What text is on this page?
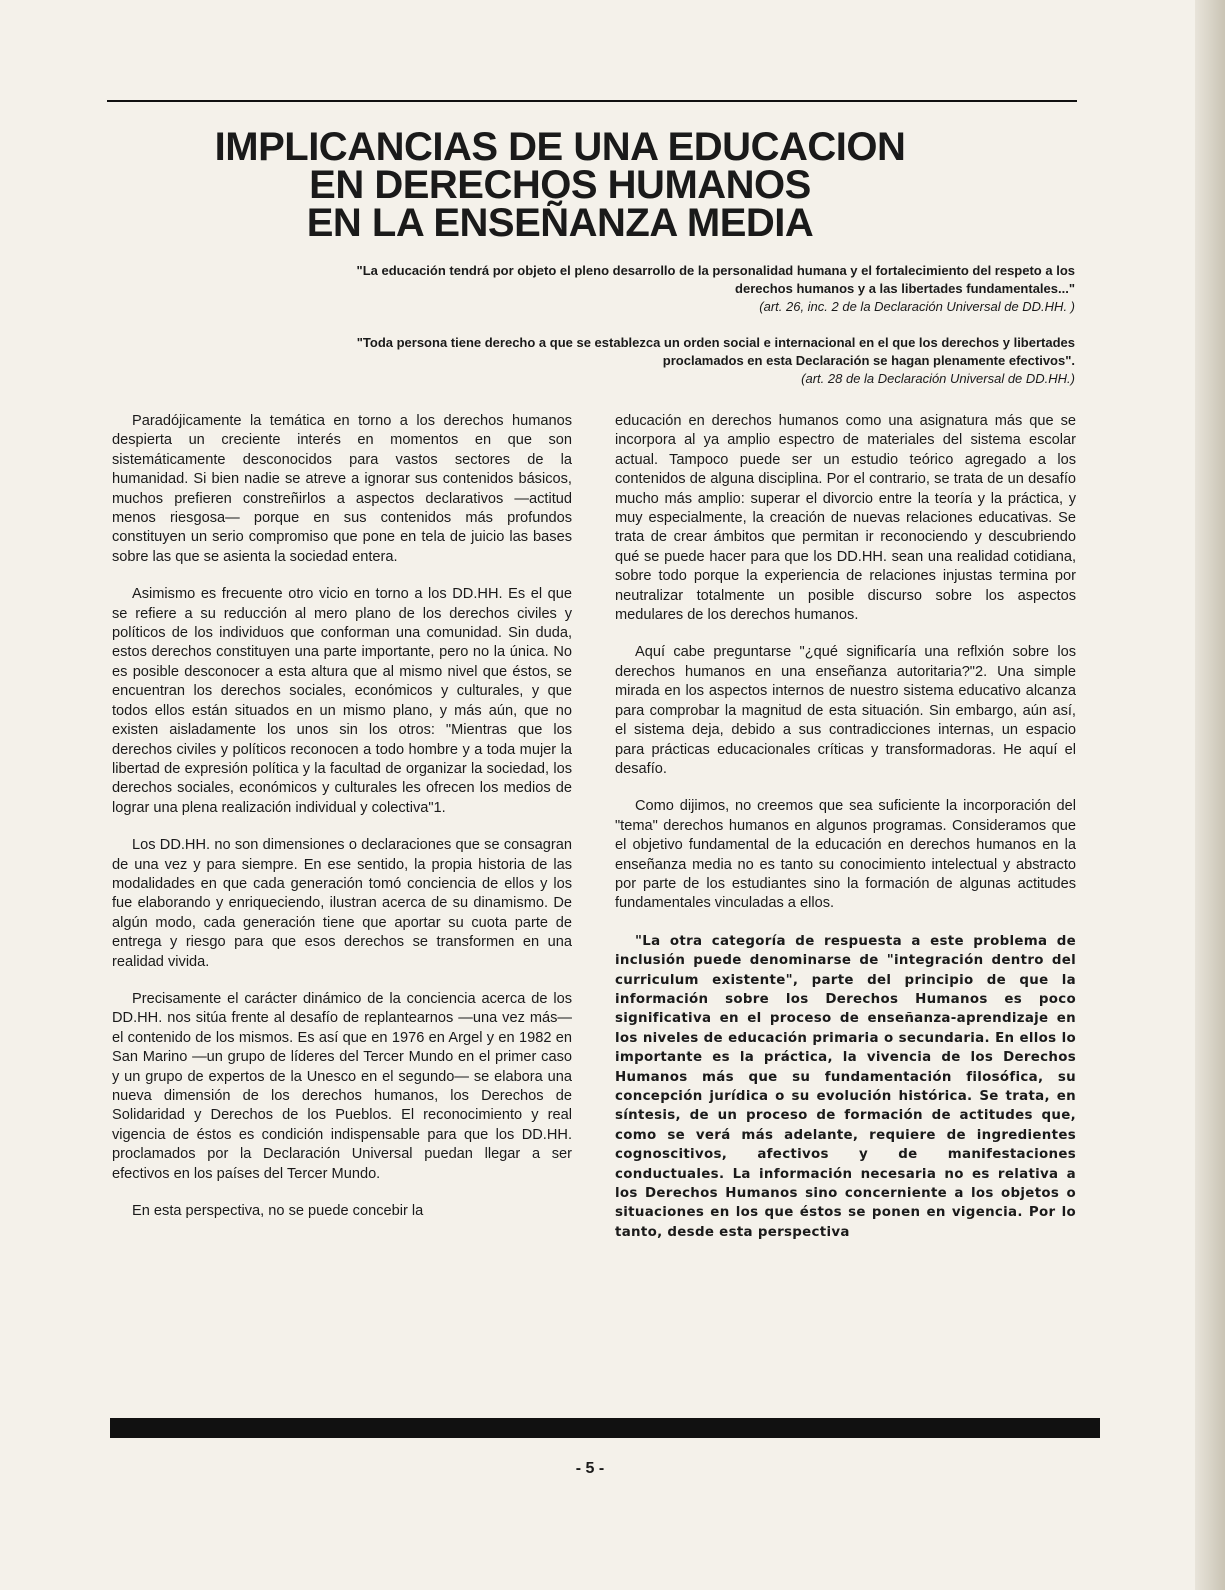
IMPLICANCIAS DE UNA EDUCACION
EN DERECHOS HUMANOS
EN LA ENSEÑANZA MEDIA
"La educación tendrá por objeto el pleno desarrollo de la personalidad humana y el fortalecimiento del respeto a los derechos humanos y a las libertades fundamentales..."
(art. 26, inc. 2 de la Declaración Universal de DD.HH. )
"Toda persona tiene derecho a que se establezca un orden social e internacional en el que los derechos y libertades proclamados en esta Declaración se hagan plenamente efectivos".
(art. 28 de la Declaración Universal de DD.HH.)

Paradójicamente la temática en torno a los derechos humanos despierta un creciente interés en momentos en que son sistemáticamente desconocidos para vastos sectores de la humanidad. Si bien nadie se atreve a ignorar sus contenidos básicos, muchos prefieren constreñirlos a aspectos declarativos —actitud menos riesgosa— porque en sus contenidos más profundos constituyen un serio compromiso que pone en tela de juicio las bases sobre las que se asienta la sociedad entera.

Asimismo es frecuente otro vicio en torno a los DD.HH. Es el que se refiere a su reducción al mero plano de los derechos civiles y políticos de los individuos que conforman una comunidad. Sin duda, estos derechos constituyen una parte importante, pero no la única. No es posible desconocer a esta altura que al mismo nivel que éstos, se encuentran los derechos sociales, económicos y culturales, y que todos ellos están situados en un mismo plano, y más aún, que no existen aisladamente los unos sin los otros: "Mientras que los derechos civiles y políticos reconocen a todo hombre y a toda mujer la libertad de expresión política y la facultad de organizar la sociedad, los derechos sociales, económicos y culturales les ofrecen los medios de lograr una plena realización individual y colectiva"1.

Los DD.HH. no son dimensiones o declaraciones que se consagran de una vez y para siempre. En ese sentido, la propia historia de las modalidades en que cada generación tomó conciencia de ellos y los fue elaborando y enriqueciendo, ilustran acerca de su dinamismo. De algún modo, cada generación tiene que aportar su cuota parte de entrega y riesgo para que esos derechos se transformen en una realidad vivida.

Precisamente el carácter dinámico de la conciencia acerca de los DD.HH. nos sitúa frente al desafío de replantearnos —una vez más— el contenido de los mismos. Es así que en 1976 en Argel y en 1982 en San Marino —un grupo de líderes del Tercer Mundo en el primer caso y un grupo de expertos de la Unesco en el segundo— se elabora una nueva dimensión de los derechos humanos, los Derechos de Solidaridad y Derechos de los Pueblos. El reconocimiento y real vigencia de éstos es condición indispensable para que los DD.HH. proclamados por la Declaración Universal puedan llegar a ser efectivos en los países del Tercer Mundo.

En esta perspectiva, no se puede concebir la

educación en derechos humanos como una asignatura más que se incorpora al ya amplio espectro de materiales del sistema escolar actual. Tampoco puede ser un estudio teórico agregado a los contenidos de alguna disciplina. Por el contrario, se trata de un desafío mucho más amplio: superar el divorcio entre la teoría y la práctica, y muy especialmente, la creación de nuevas relaciones educativas. Se trata de crear ámbitos que permitan ir reconociendo y descubriendo qué se puede hacer para que los DD.HH. sean una realidad cotidiana, sobre todo porque la experiencia de relaciones injustas termina por neutralizar totalmente un posible discurso sobre los aspectos medulares de los derechos humanos.

Aquí cabe preguntarse "¿qué significaría una reflxión sobre los derechos humanos en una enseñanza autoritaria?"2. Una simple mirada en los aspectos internos de nuestro sistema educativo alcanza para comprobar la magnitud de esta situación. Sin embargo, aún así, el sistema deja, debido a sus contradicciones internas, un espacio para prácticas educacionales críticas y transformadoras. He aquí el desafío.

Como dijimos, no creemos que sea suficiente la incorporación del "tema" derechos humanos en algunos programas. Consideramos que el objetivo fundamental de la educación en derechos humanos en la enseñanza media no es tanto su conocimiento intelectual y abstracto por parte de los estudiantes sino la formación de algunas actitudes fundamentales vinculadas a ellos.

"La otra categoría de respuesta a este problema de inclusión puede denominarse de "integración dentro del curriculum existente", parte del principio de que la información sobre los Derechos Humanos es poco significativa en el proceso de enseñanza-aprendizaje en los niveles de educación primaria o secundaria. En ellos lo importante es la práctica, la vivencia de los Derechos Humanos más que su fundamentación filosófica, su concepción jurídica o su evolución histórica. Se trata, en síntesis, de un proceso de formación de actitudes que, como se verá más adelante, requiere de ingredientes cognoscitivos, afectivos y de manifestaciones conductuales. La información necesaria no es relativa a los Derechos Humanos sino concerniente a los objetos o situaciones en los que éstos se ponen en vigencia. Por lo tanto, desde esta perspectiva

- 5 -
